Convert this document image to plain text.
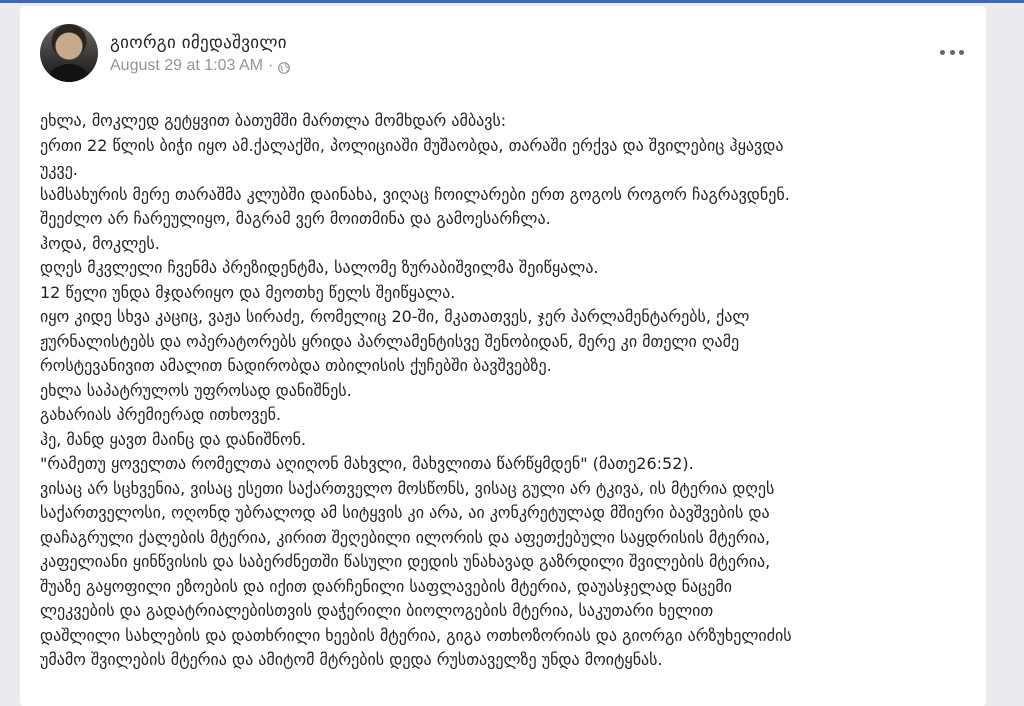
გიორგი იმედაშვილი
August 29 at 1:03 AM ·

ეხლა, მოკლედ გეტყვით ბათუმში მართლა მომხდარ ამბავს:

ერთი 22 წლის ბიჭი იყო ამ.ქალაქში, პოლიციაში მუშაობდა, თარაში ერქვა და შვილებიც ჰყავდა

უკვე.

სამსახურის მერე თარაშმა კლუბში დაინახა, ვიღაც ჩოილარები ერთ გოგოს როგორ ჩაგრავდნენ.

შეეძლო არ ჩარეულიყო, მაგრამ ვერ მოითმინა და გამოესარჩლა.

ჰოდა, მოკლეს.

დღეს მკვლელი ჩვენმა პრეზიდენტმა, სალომე ზურაბიშვილმა შეიწყალა.

12 წელი უნდა მჯდარიყო და მეოთხე წელს შეიწყალა.

იყო კიდე სხვა კაციც, ვაჟა სირაძე, რომელიც 20-ში, მკათათვეს, ჯერ პარლამენტარებს, ქალ

ჟურნალისტებს და ოპერატორებს ყრიდა პარლამენტისვე შენობიდან, მერე კი მთელი ღამე

როსტევანივით ამალით ნადირობდა თბილისის ქუჩებში ბავშვებზე.

ეხლა საპატრულოს უფროსად დანიშნეს.

გახარიას პრემიერად ითხოვენ.

ჰე, მანდ ყავთ მაინც და დანიშნონ.

"რამეთუ ყოველთა რომელთა აღიღონ მახვლი, მახვლითა წარწყმდენ" (მათე26:52).

ვისაც არ სცხვენია, ვისაც ესეთი საქართველო მოსწონს, ვისაც გული არ ტკივა, ის მტერია დღეს

საქართველოსი, ოღონდ უბრალოდ ამ სიტყვის კი არა, აი კონკრეტულად მშიერი ბავშვების და

დაჩაგრული ქალების მტერია, კირით შეღებილი ილორის და აფეთქებული საყდრისის მტერია,

კაფელიანი ყინწვისის და საბერძნეთში წასული დედის უნახავად გაზრდილი შვილების მტერია,

შუაზე გაყოფილი ეზოების და იქით დარჩენილი საფლავების მტერია, დაუასჯელად ნაცემი

ლეკვების და გადატრიალებისთვის დაჭერილი ბიოლოგების მტერია, საკუთარი ხელით

დაშლილი სახლების და დათხრილი ხეების მტერია, გიგა ოთხოზორიას და გიორგი არზუხელიძის

უმამო შვილების მტერია და ამიტომ მტრების დედა რუსთაველზე უნდა მოიტყნას.
